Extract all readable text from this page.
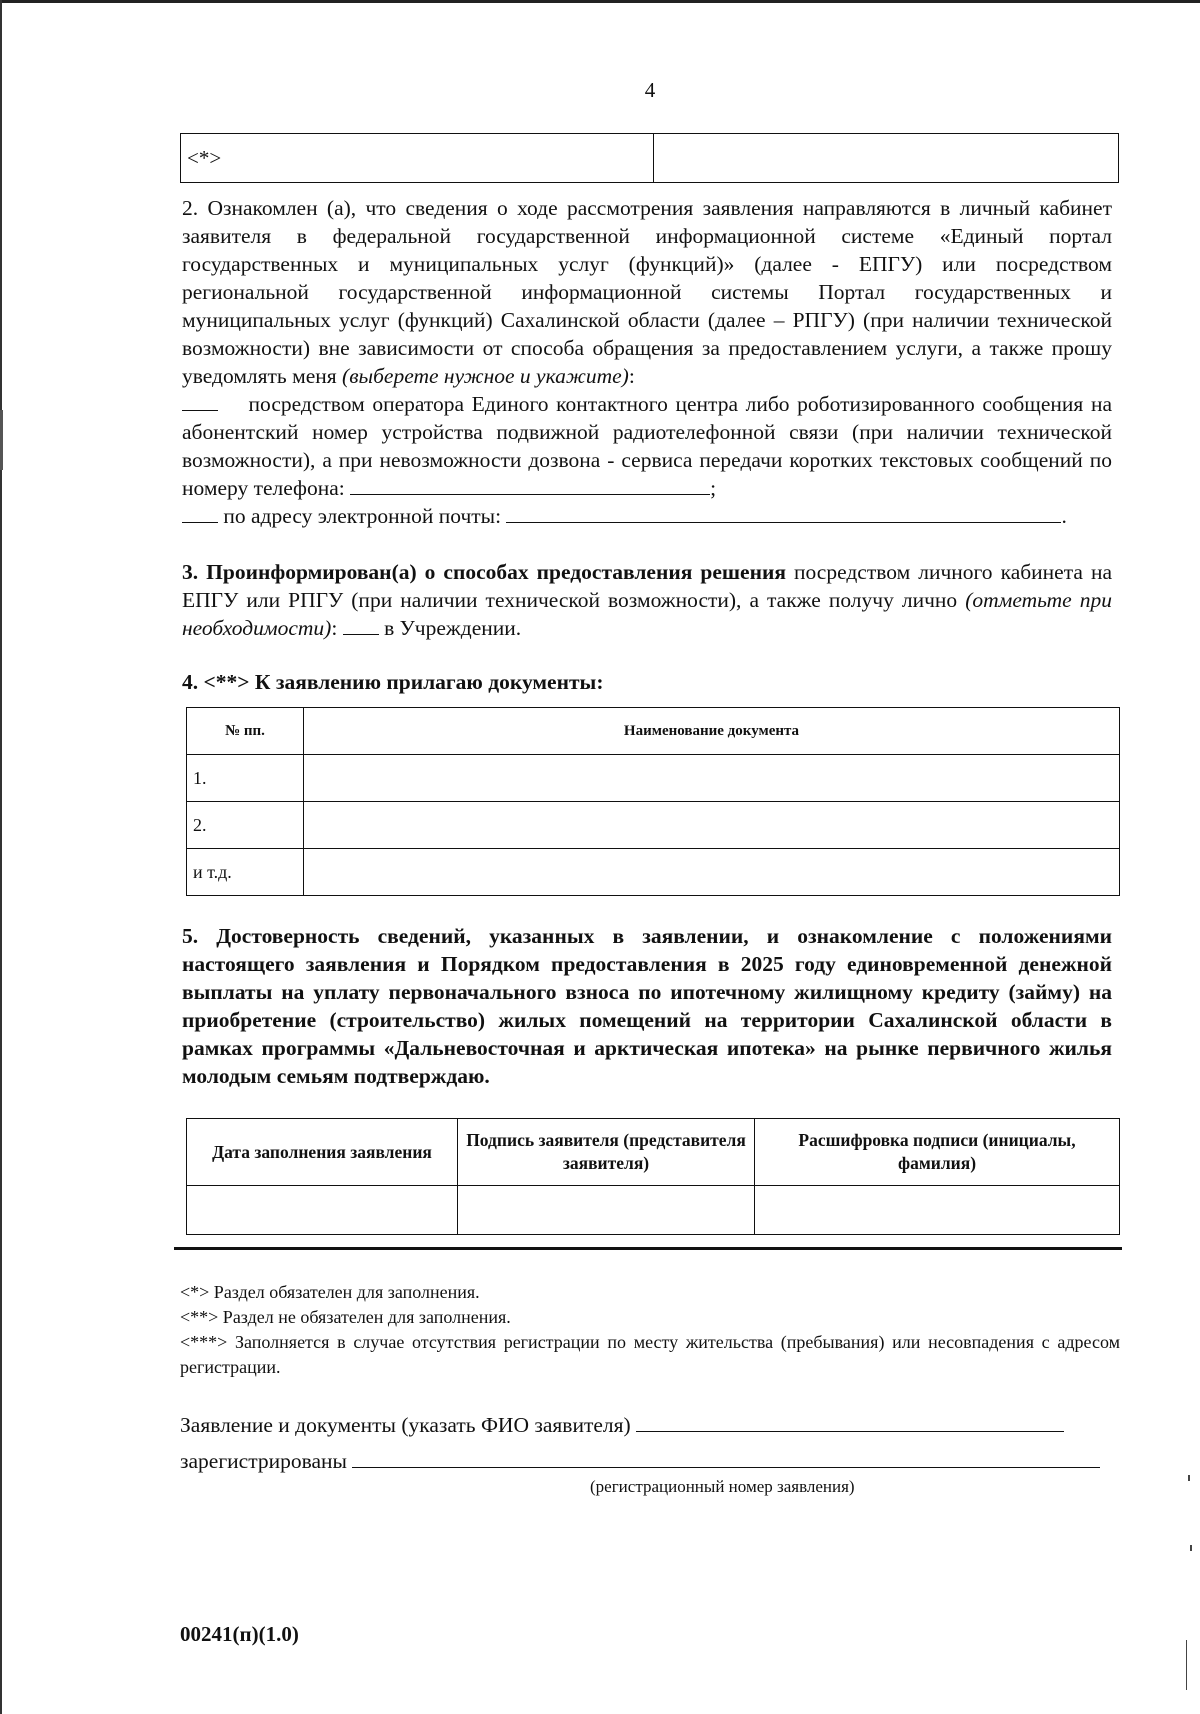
4
<*>	

2. Ознакомлен (а), что сведения о ходе рассмотрения заявления направляются в личный кабинет заявителя в федеральной государственной информационной системе «Единый портал государственных и муниципальных услуг (функций)» (далее - ЕПГУ) или посредством региональной государственной информационной системы Портал государственных и муниципальных услуг (функций) Сахалинской области (далее – РПГУ) (при наличии технической возможности) вне зависимости от способа обращения за предоставлением услуги, а также прошу уведомлять меня (выберете нужное и укажите):

посредством оператора Единого контактного центра либо роботизированного сообщения на абонентский номер устройства подвижной радиотелефонной связи (при наличии технической возможности), а при невозможности дозвона - сервиса передачи коротких текстовых сообщений по номеру телефона:	;

по адресу электронной почты:	.

3. Проинформирован(а) о способах предоставления решения посредством личного кабинета на ЕПГУ или РПГУ (при наличии технической возможности), а также получу лично (отметьте при необходимости): в Учреждении.

4. <**> К заявлению прилагаю документы:
№ пп.	Наименование документа
1.	
2.	
и т.д.	

5. Достоверность сведений, указанных в заявлении, и ознакомление с положениями настоящего заявления и Порядком предоставления в 2025 году единовременной денежной выплаты на уплату первоначального взноса по ипотечному жилищному кредиту (займу) на приобретение (строительство) жилых помещений на территории Сахалинской области в рамках программы «Дальневосточная и арктическая ипотека» на рынке первичного жилья молодым семьям подтверждаю.

Дата заполнения заявления	Подпись заявителя (представителя заявителя)	Расшифровка подписи (инициалы, фамилия)

<*> Раздел обязателен для заполнения.

<**> Раздел не обязателен для заполнения.

<***> Заполняется в случае отсутствия регистрации по месту жительства (пребывания) или несовпадения с адресом регистрации.

Заявление и документы (указать ФИО заявителя)
зарегистрированы
(регистрационный номер заявления)
00241(п)(1.0)
